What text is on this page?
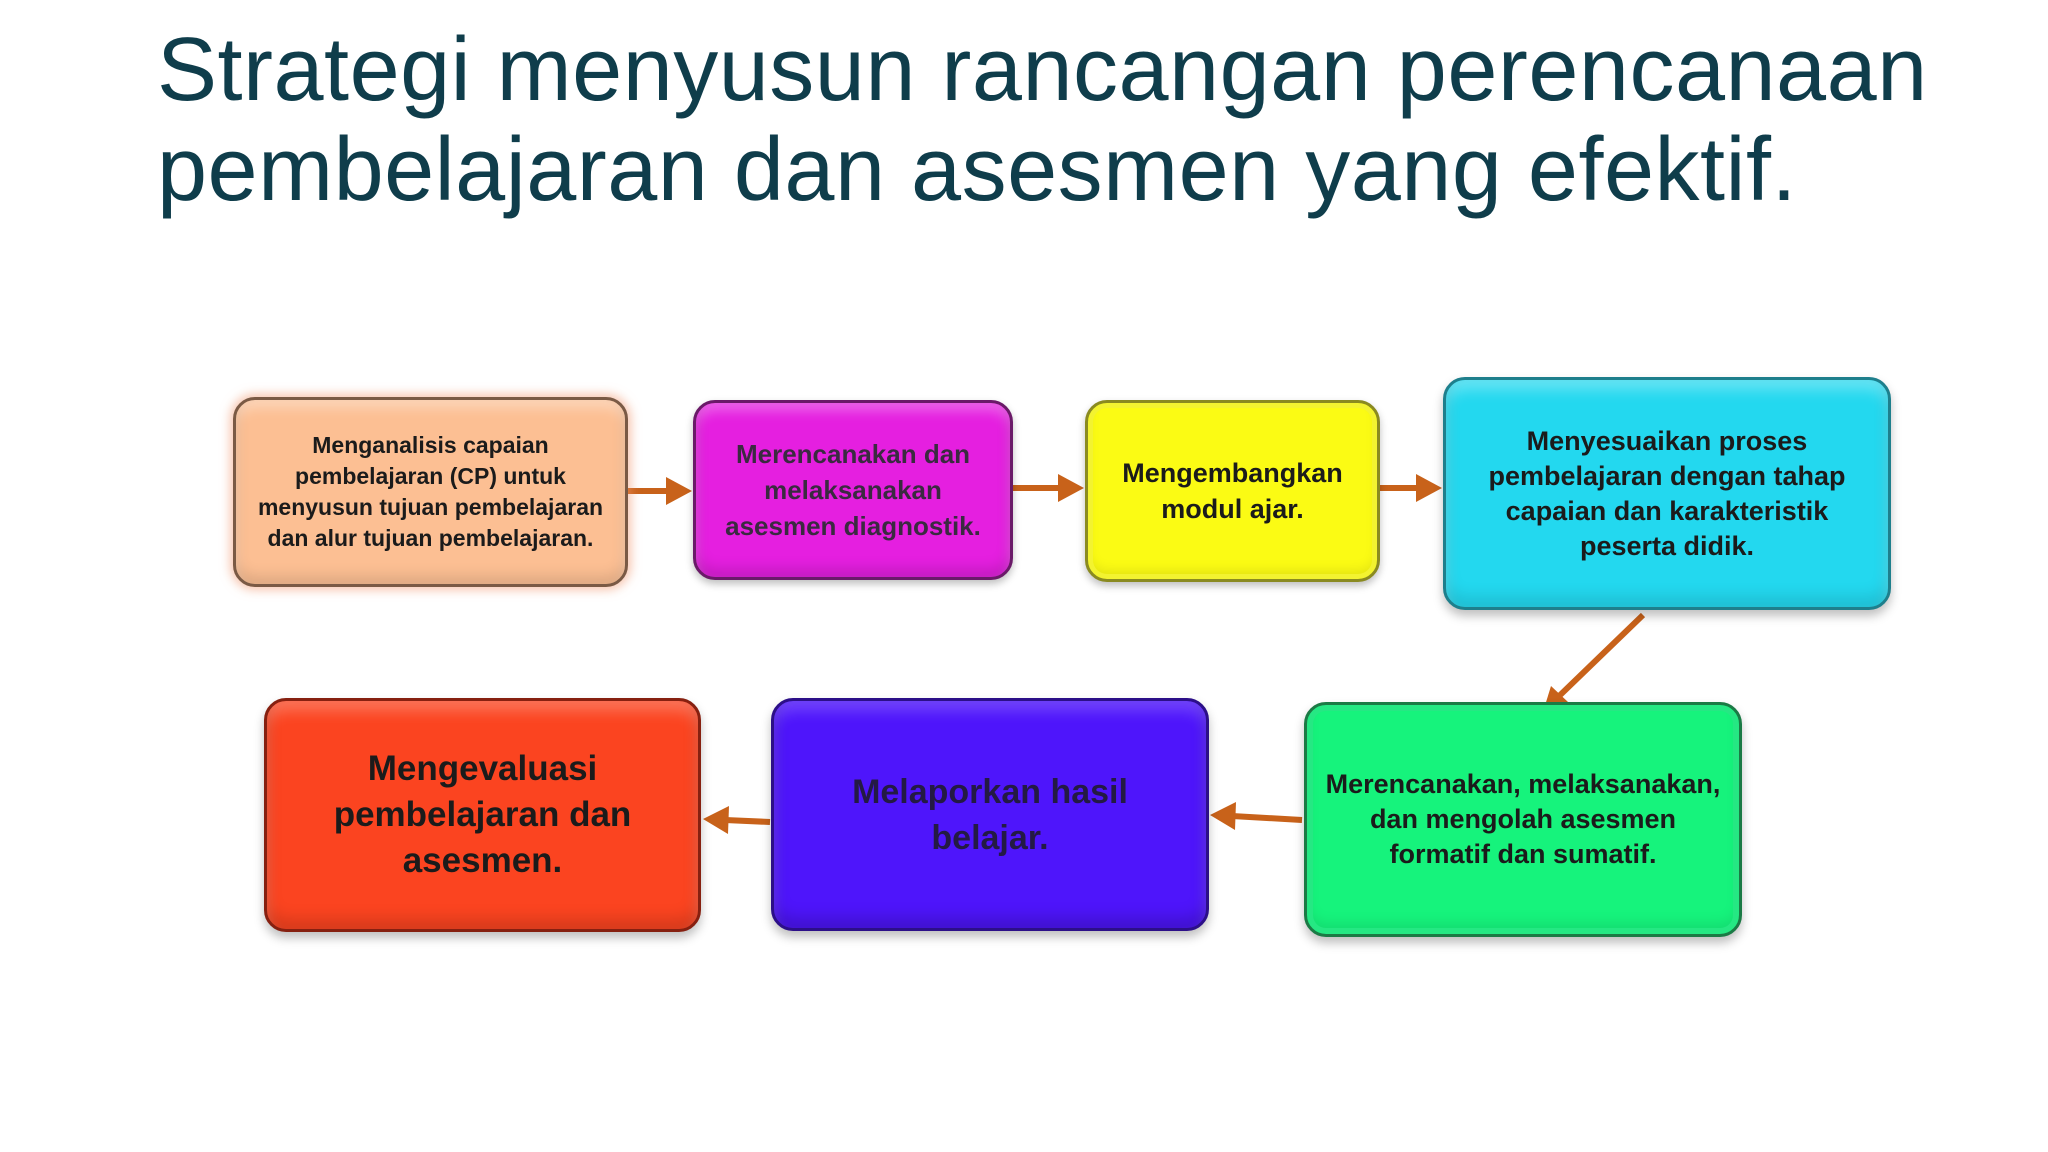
Strategi menyusun rancangan perencanaan pembelajaran dan asesmen yang efektif.
Menganalisis capaian pembelajaran (CP) untuk menyusun tujuan pembelajaran dan alur tujuan pembelajaran.
Merencanakan dan melaksanakan asesmen diagnostik.
Mengembangkan modul ajar.
Menyesuaikan proses pembelajaran dengan tahap capaian dan karakteristik peserta didik.
Merencanakan, melaksanakan, dan mengolah asesmen formatif dan sumatif.
Melaporkan hasil belajar.
Mengevaluasi pembelajaran dan asesmen.
